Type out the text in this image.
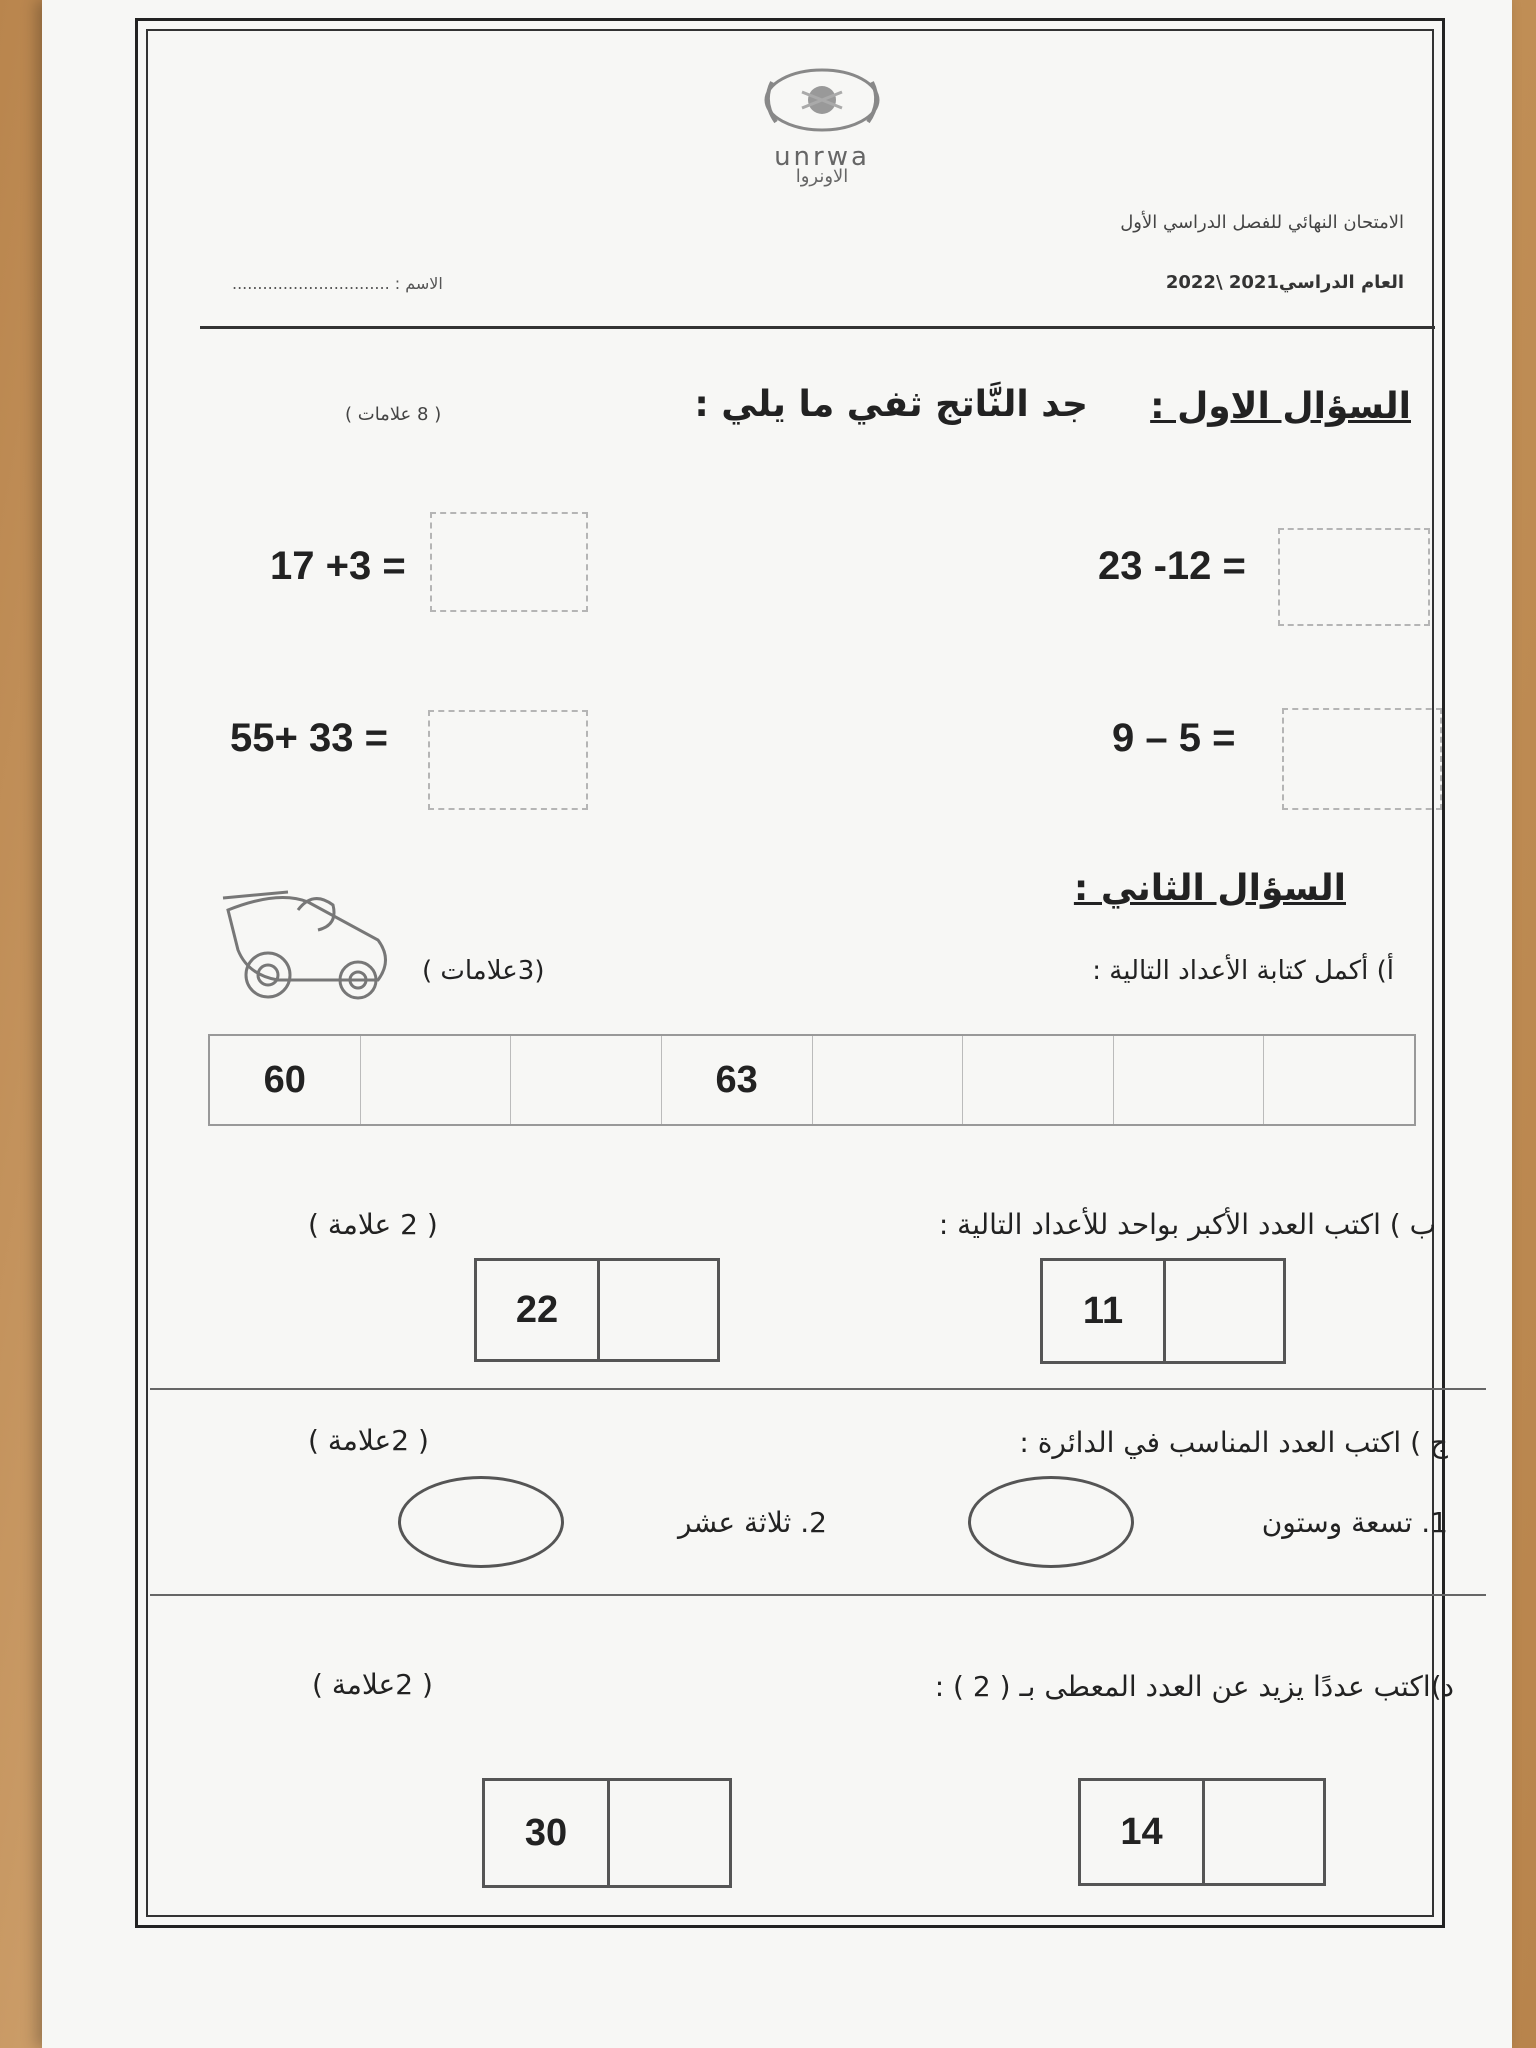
unrwa
الاونروا
الامتحان النهائي للفصل الدراسي الأول
العام الدراسي2021 \2022
الاسم : ...............................
السؤال الاول :
جد النَّاتج ثفي ما يلي :
( 8 علامات )
17 +3 =	23 -12 =
55+ 33 =	9 – 5 =
السؤال الثاني :
أ) أكمل كتابة الأعداد التالية :
(3علامات )
60	63
ب ) اكتب العدد الأكبر بواحد للأعداد التالية :
( 2 علامة )
22	11
ج ) اكتب العدد المناسب في الدائرة :
( 2علامة )
2. ثلاثة عشر	1. تسعة وستون
د)اكتب عددًا يزيد عن العدد المعطى بـ ( 2 ) :
( 2علامة )
30	14
